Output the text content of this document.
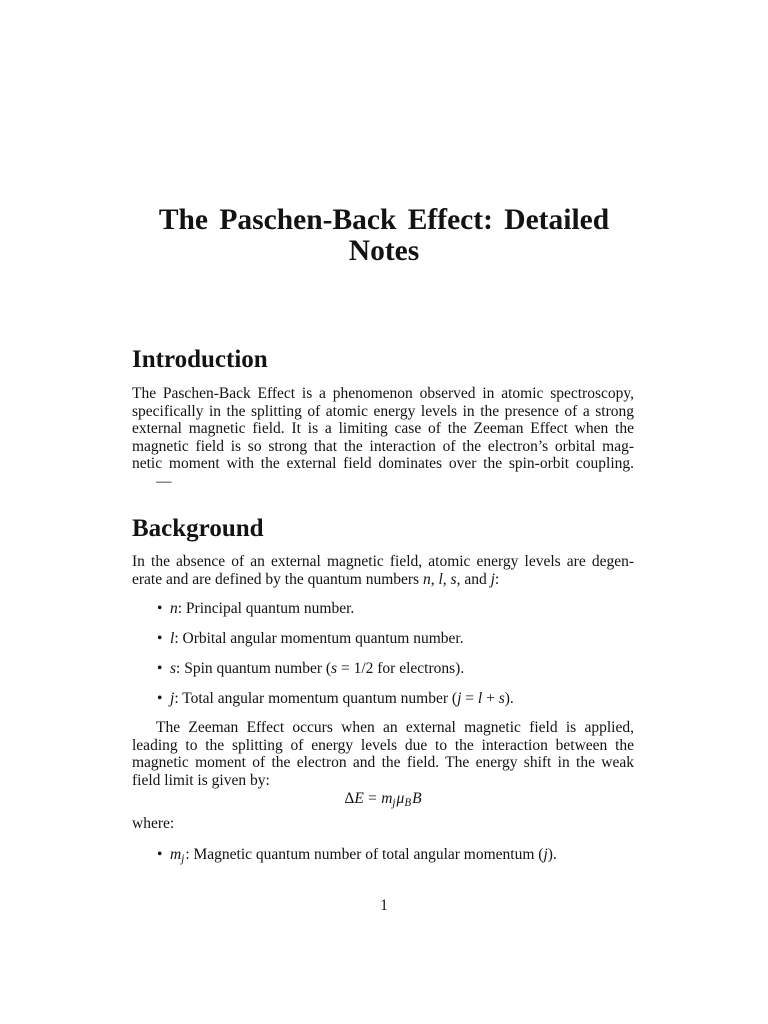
The Paschen-Back Effect: Detailed
Notes
Introduction
The Paschen-Back Effect is a phenomenon observed in atomic spectroscopy,
specifically in the splitting of atomic energy levels in the presence of a strong
external magnetic field. It is a limiting case of the Zeeman Effect when the
magnetic field is so strong that the interaction of the electron’s orbital mag-
netic moment with the external field dominates over the spin-orbit coupling.
—
Background
In the absence of an external magnetic field, atomic energy levels are degen-
erate and are defined by the quantum numbers n, l, s, and j:
• n: Principal quantum number.
• l: Orbital angular momentum quantum number.
• s: Spin quantum number (s = 1/2 for electrons).
• j: Total angular momentum quantum number (j = l + s).
The Zeeman Effect occurs when an external magnetic field is applied,
leading to the splitting of energy levels due to the interaction between the
magnetic moment of the electron and the field. The energy shift in the weak
field limit is given by:
$\Delta E = m_j\mu_BB$
where:
• $m_j$: Magnetic quantum number of total angular momentum (j).
1
